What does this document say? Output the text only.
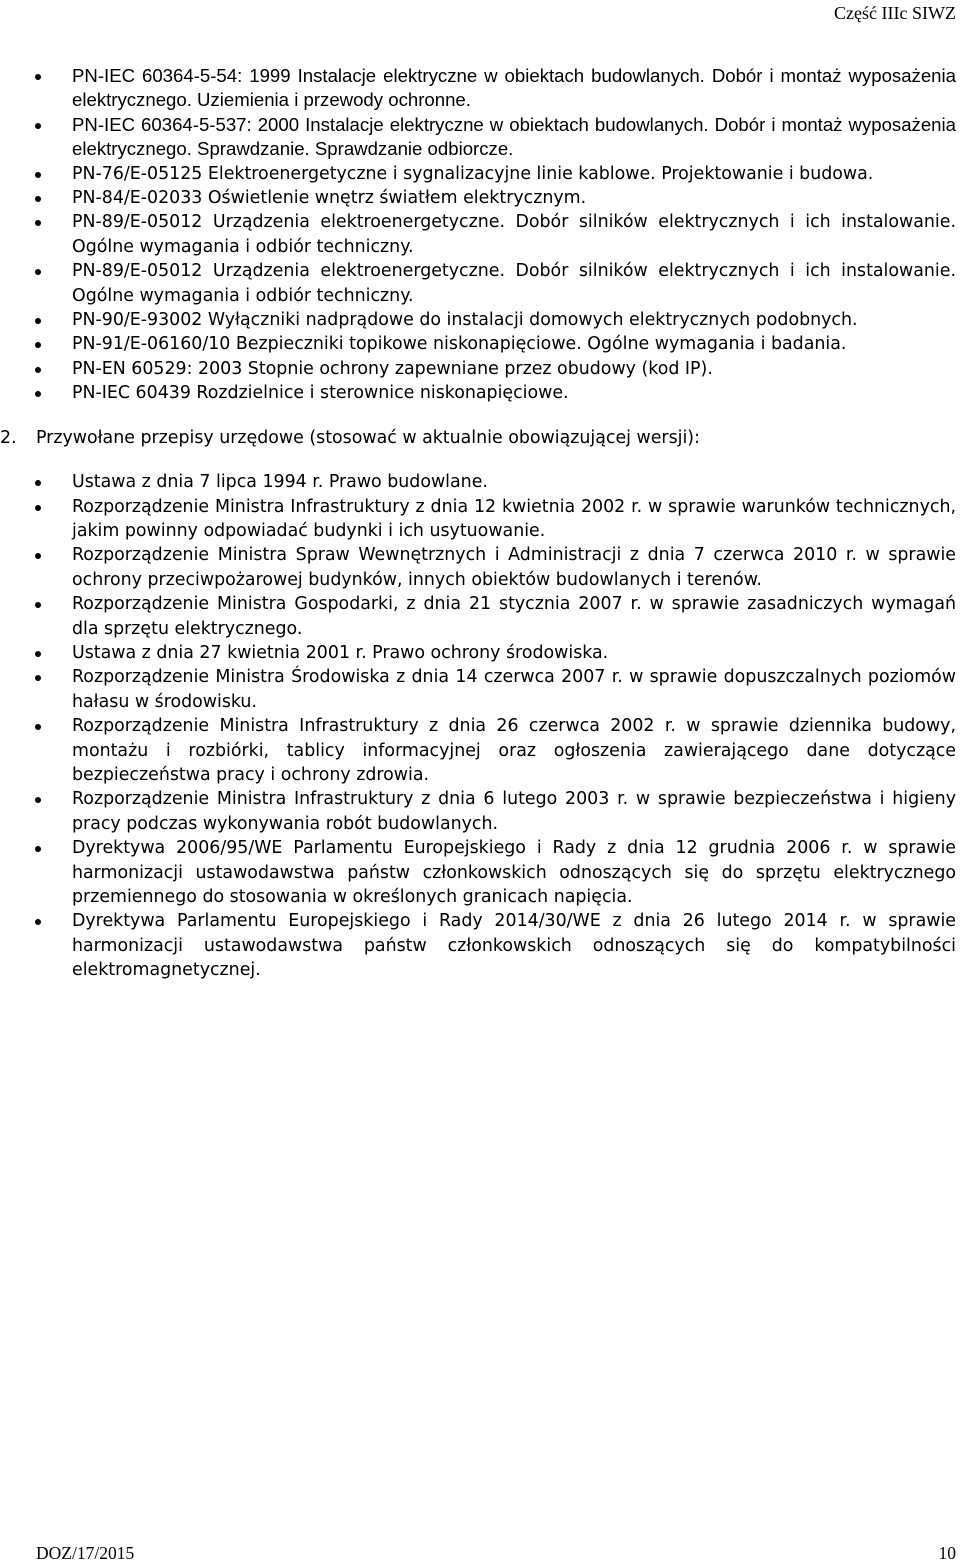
Część IIIc SIWZ
PN-IEC 60364-5-54: 1999 Instalacje elektryczne w obiektach budowlanych. Dobór i montaż wyposażenia elektrycznego. Uziemienia i przewody ochronne.
PN-IEC 60364-5-537: 2000 Instalacje elektryczne w obiektach budowlanych. Dobór i montaż wyposażenia elektrycznego. Sprawdzanie. Sprawdzanie odbiorcze.
PN-76/E-05125 Elektroenergetyczne i sygnalizacyjne linie kablowe. Projektowanie i budowa.
PN-84/E-02033 Oświetlenie wnętrz światłem elektrycznym.
PN-89/E-05012 Urządzenia elektroenergetyczne. Dobór silników elektrycznych i ich instalowanie. Ogólne wymagania i odbiór techniczny.
PN-89/E-05012 Urządzenia elektroenergetyczne. Dobór silników elektrycznych i ich instalowanie. Ogólne wymagania i odbiór techniczny.
PN-90/E-93002 Wyłączniki nadprądowe do instalacji domowych elektrycznych podobnych.
PN-91/E-06160/10 Bezpieczniki topikowe niskonapięciowe. Ogólne wymagania i badania.
PN-EN 60529: 2003 Stopnie ochrony zapewniane przez obudowy (kod IP).
PN-IEC 60439 Rozdzielnice i sterownice niskonapięciowe.
2. Przywołane przepisy urzędowe (stosować w aktualnie obowiązującej wersji):
Ustawa z dnia 7 lipca 1994 r. Prawo budowlane.
Rozporządzenie Ministra Infrastruktury z dnia 12 kwietnia 2002 r. w sprawie warunków technicznych, jakim powinny odpowiadać budynki i ich usytuowanie.
Rozporządzenie Ministra Spraw Wewnętrznych i Administracji z dnia 7 czerwca 2010 r. w sprawie ochrony przeciwpożarowej budynków, innych obiektów budowlanych i terenów.
Rozporządzenie Ministra Gospodarki, z dnia 21 stycznia 2007 r. w sprawie zasadniczych wymagań dla sprzętu elektrycznego.
Ustawa z dnia 27 kwietnia 2001 r. Prawo ochrony środowiska.
Rozporządzenie Ministra Środowiska z dnia 14 czerwca 2007 r. w sprawie dopuszczalnych poziomów hałasu w środowisku.
Rozporządzenie Ministra Infrastruktury z dnia 26 czerwca 2002 r. w sprawie dziennika budowy, montażu i rozbiórki, tablicy informacyjnej oraz ogłoszenia zawierającego dane dotyczące bezpieczeństwa pracy i ochrony zdrowia.
Rozporządzenie Ministra Infrastruktury z dnia 6 lutego 2003 r. w sprawie bezpieczeństwa i higieny pracy podczas wykonywania robót budowlanych.
Dyrektywa 2006/95/WE Parlamentu Europejskiego i Rady z dnia 12 grudnia 2006 r. w sprawie harmonizacji ustawodawstwa państw członkowskich odnoszących się do sprzętu elektrycznego przemiennego do stosowania w określonych granicach napięcia.
Dyrektywa Parlamentu Europejskiego i Rady 2014/30/WE z dnia 26 lutego 2014 r. w sprawie harmonizacji ustawodawstwa państw członkowskich odnoszących się do kompatybilności elektromagnetycznej.
DOZ/17/2015	10
